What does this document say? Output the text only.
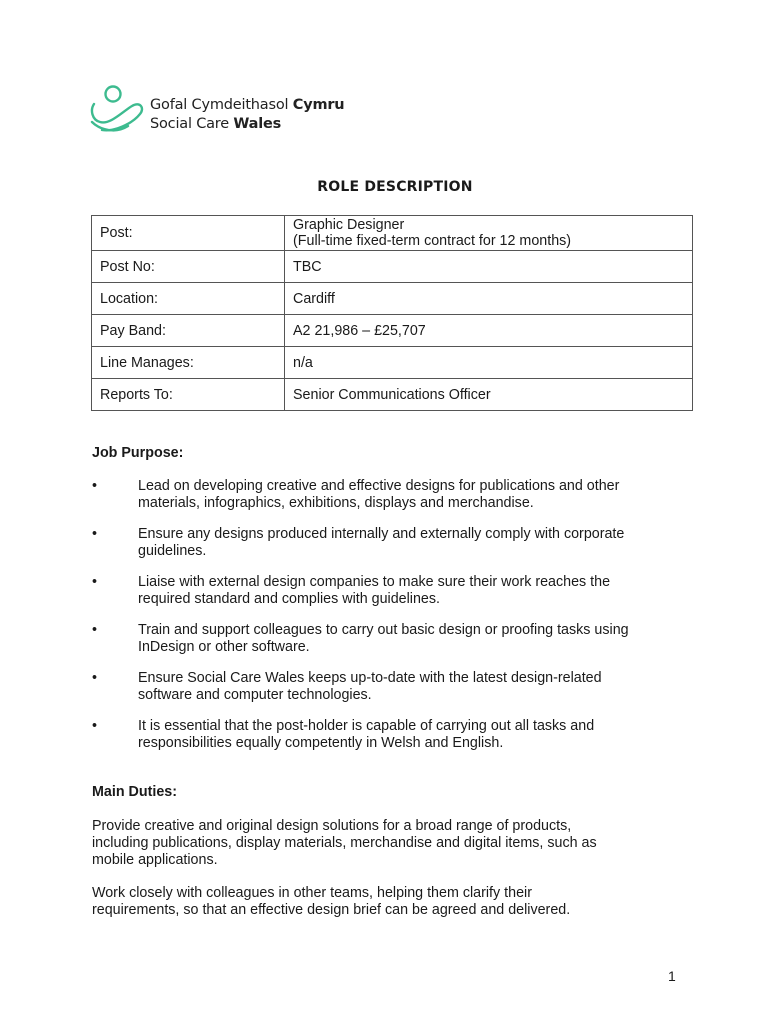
Gofal Cymdeithasol Cymru
Social Care Wales
ROLE DESCRIPTION
Post:	Graphic Designer
(Full-time fixed-term contract for 12 months)

Post No:	TBC
Location:	Cardiff
Pay Band:	A2 21,986 – £25,707
Line Manages:	n/a
Reports To:	Senior Communications Officer
Job Purpose:
•	Lead on developing creative and effective designs for publications and other
materials, infographics, exhibitions, displays and merchandise.
•	Ensure any designs produced internally and externally comply with corporate
guidelines.
•	Liaise with external design companies to make sure their work reaches the
required standard and complies with guidelines.
•	Train and support colleagues to carry out basic design or proofing tasks using
InDesign or other software.
•	Ensure Social Care Wales keeps up-to-date with the latest design-related
software and computer technologies.
•	It is essential that the post-holder is capable of carrying out all tasks and
responsibilities equally competently in Welsh and English.
Main Duties:

Provide creative and original design solutions for a broad range of products,
including publications, display materials, merchandise and digital items, such as
mobile applications.

Work closely with colleagues in other teams, helping them clarify their
requirements, so that an effective design brief can be agreed and delivered.

1
